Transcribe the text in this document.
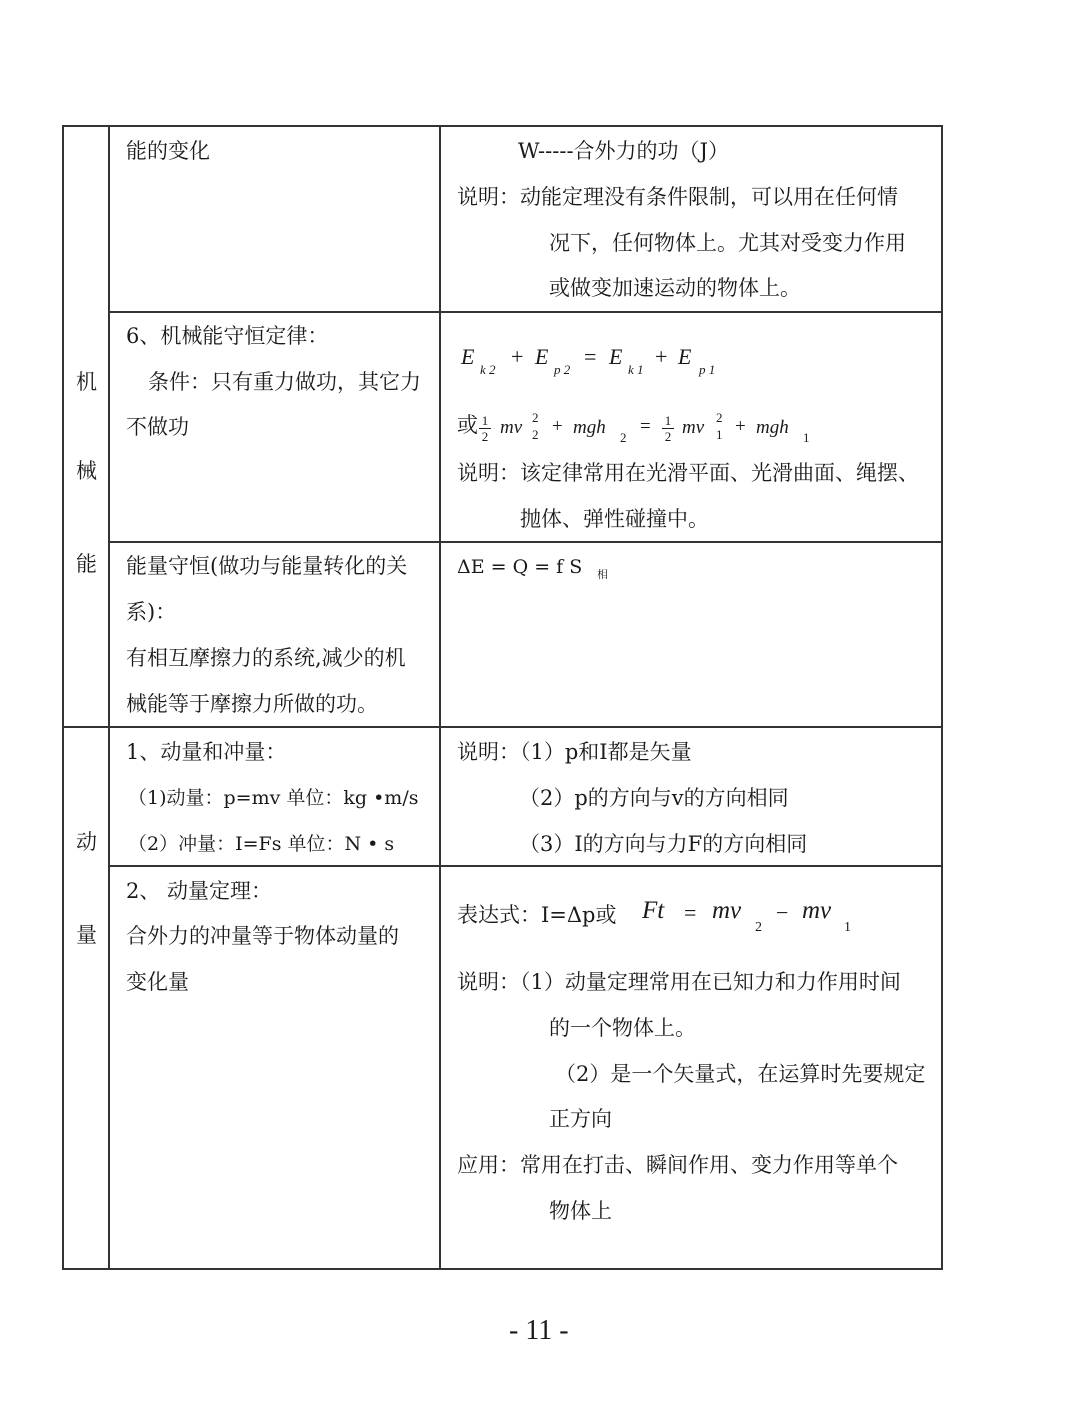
机
械
能
动
量
能的变化	W-----合外力的功（J）
说明：动能定理没有条件限制，可以用在任何情
况下，任何物体上。尤其对受变力作用
或做变加速运动的物体上。
6、机械能守恒定律：
条件：只有重力做功，其它力
不做功
E
k 2
+ E
p 2
= E
k 1
+ E
p 1
或 1
2 mv 2
2 + mgh 2
= 1
2 mv 2
1 + mgh 1
说明：该定律常用在光滑平面、光滑曲面、绳摆、
抛体、弹性碰撞中。
能量守恒(做功与能量转化的关
系)：
有相互摩擦力的系统,减少的机
械能等于摩擦力所做的功。
ΔE = Q = f S 相
1、动量和冲量：
（1)动量：p=mv 单位：kg •m/s
（2）冲量：I=Fs 单位：N • s
说明：（1）p和I都是矢量
（2）p的方向与v的方向相同
（3）I的方向与力F的方向相同
2、 动量定理：
合外力的冲量等于物体动量的
变化量
表达式：I=Δp或 Ft = mv
2
− mv
1
说明：（1）动量定理常用在已知力和力作用时间
的一个物体上。
（2）是一个矢量式，在运算时先要规定
正方向
应用：常用在打击、瞬间作用、变力作用等单个
物体上
- 11 -
